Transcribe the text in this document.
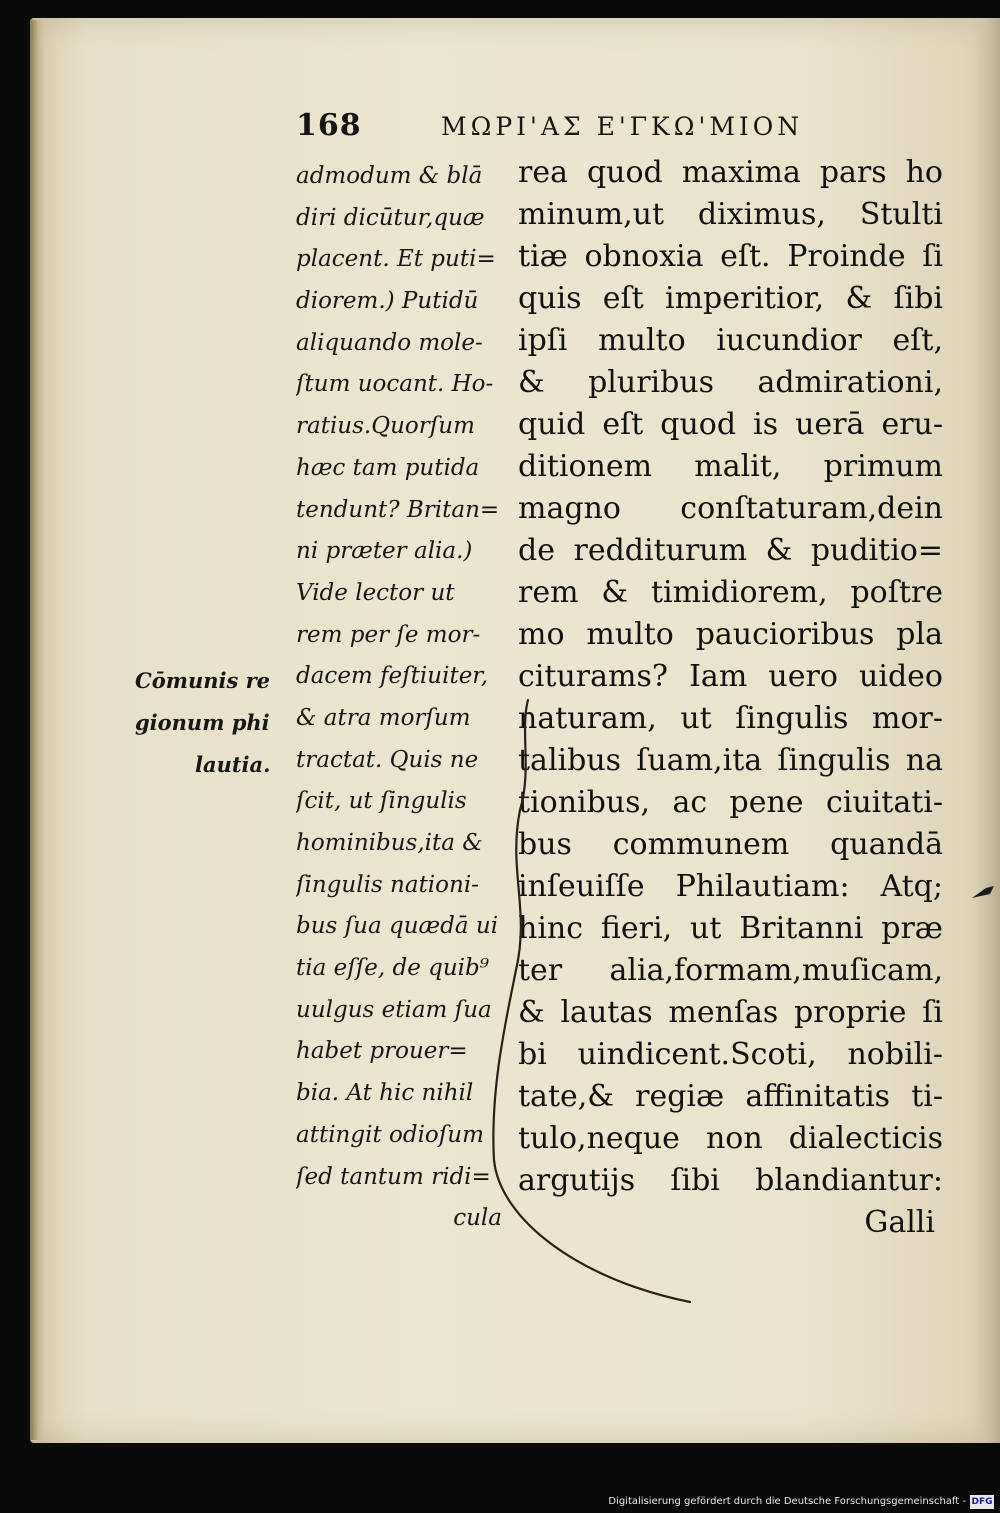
168	ΜΩΡΙ'ΑΣ Ε'ΓΚΩ'ΜΙΟΝ
Cōmunis re
gionum phi
lautia.
admodum & blā
diri dicūtur,quæ
placent. Et puti=
diorem.) Putidū
aliquando mole-
ſtum uocant. Ho-
ratius.Quorſum
hæc tam putida
tendunt? Britan=
ni præter alia.)
Vide lector ut
rem per ſe mor-
dacem feſtiuiter,
& atra morſum
tractat. Quis ne
ſcit, ut ſingulis
hominibus,ita &
ſingulis nationi-
bus ſua quædā ui
tia eſſe, de quib⁹
uulgus etiam ſua
habet prouer=
bia. At hic nihil
attingit odioſum
ſed tantum ridi=
cula
rea quod maxima pars ho
minum,ut diximus, Stulti
tiæ obnoxia eſt. Proinde ſi
quis eſt imperitior, & ſibi
ipſi multo iucundior eſt,
& pluribus admirationi,
quid eſt quod is uerā eru-
ditionem malit, primum
magno conſtaturam,dein
de redditurum & puditio=
rem & timidiorem, poſtre
mo multo paucioribus pla
citurams? Iam uero uideo
naturam, ut ſingulis mor-
talibus ſuam,ita ſingulis na
tionibus, ac pene ciuitati-
bus communem quandā
inſeuiſſe Philautiam: Atq;
hinc fieri, ut Britanni præ
ter alia,formam,muſicam,
& lautas menſas proprie ſi
bi uindicent.Scoti, nobili-
tate,& regiæ affinitatis ti-
tulo,neque non dialecticis
argutijs ſibi blandiantur:
Galli
Digitalisierung gefördert durch die Deutsche Forschungsgemeinschaft - DFG
